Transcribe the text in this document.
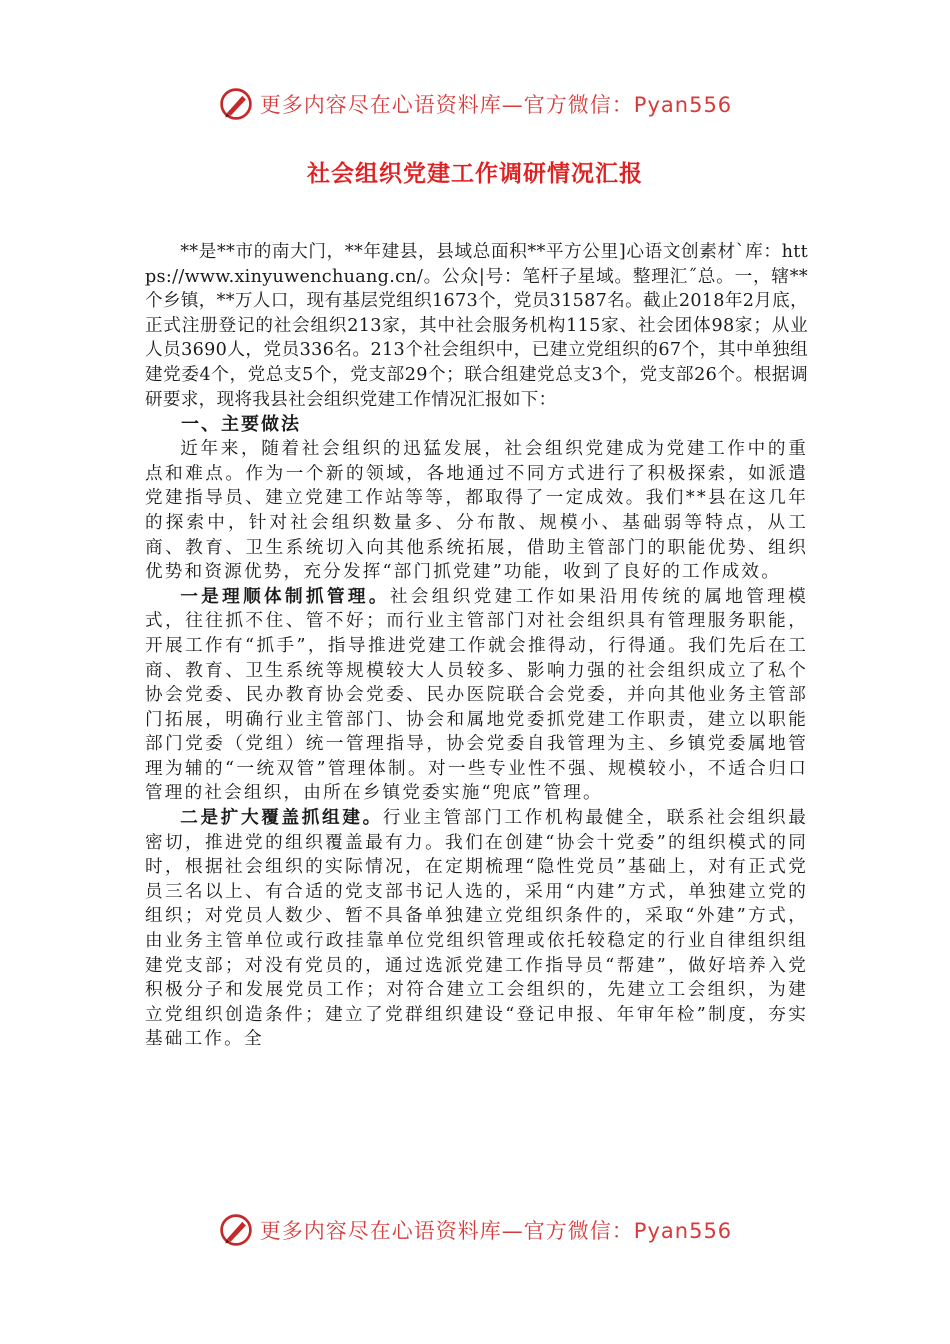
更多内容尽在心语资料库—官方微信：Pyan556
社会组织党建工作调研情况汇报

**是**市的南大门，**年建县，县域总面积**平方公里]心语文创素材`库：https://www.xinyuwenchuang.cn/。公众|号：笔杆子星域。整理汇˝总。一，辖**个乡镇，**万人口，现有基层党组织1673个，党员31587名。截止2018年2月底，正式注册登记的社会组织213家，其中社会服务机构115家、社会团体98家；从业人员3690人，党员336名。213个社会组织中，已建立党组织的67个，其中单独组建党委4个，党总支5个，党支部29个；联合组建党总支3个，党支部26个。根据调研要求，现将我县社会组织党建工作情况汇报如下：

一、主要做法

近年来，随着社会组织的迅猛发展，社会组织党建成为党建工作中的重点和难点。作为一个新的领域，各地通过不同方式进行了积极探索，如派遣党建指导员、建立党建工作站等等，都取得了一定成效。我们**县在这几年的探索中，针对社会组织数量多、分布散、规模小、基础弱等特点，从工商、教育、卫生系统切入向其他系统拓展，借助主管部门的职能优势、组织优势和资源优势，充分发挥“部门抓党建”功能，收到了良好的工作成效。

一是理顺体制抓管理。社会组织党建工作如果沿用传统的属地管理模式，往往抓不住、管不好；而行业主管部门对社会组织具有管理服务职能，开展工作有“抓手”，指导推进党建工作就会推得动，行得通。我们先后在工商、教育、卫生系统等规模较大人员较多、影响力强的社会组织成立了私个协会党委、民办教育协会党委、民办医院联合会党委，并向其他业务主管部门拓展，明确行业主管部门、协会和属地党委抓党建工作职责，建立以职能部门党委（党组）统一管理指导，协会党委自我管理为主、乡镇党委属地管理为辅的“一统双管”管理体制。对一些专业性不强、规模较小，不适合归口管理的社会组织，由所在乡镇党委实施“兜底”管理。

二是扩大覆盖抓组建。行业主管部门工作机构最健全，联系社会组织最密切，推进党的组织覆盖最有力。我们在创建“协会十党委”的组织模式的同时，根据社会组织的实际情况，在定期梳理“隐性党员”基础上，对有正式党员三名以上、有合适的党支部书记人选的，采用“内建”方式，单独建立党的组织；对党员人数少、暂不具备单独建立党组织条件的，采取“外建”方式，由业务主管单位或行政挂靠单位党组织管理或依托较稳定的行业自律组织组建党支部；对没有党员的，通过选派党建工作指导员“帮建”，做好培养入党积极分子和发展党员工作；对符合建立工会组织的，先建立工会组织，为建立党组织创造条件；建立了党群组织建设“登记申报、年审年检”制度，夯实基础工作。全

更多内容尽在心语资料库—官方微信：Pyan556
